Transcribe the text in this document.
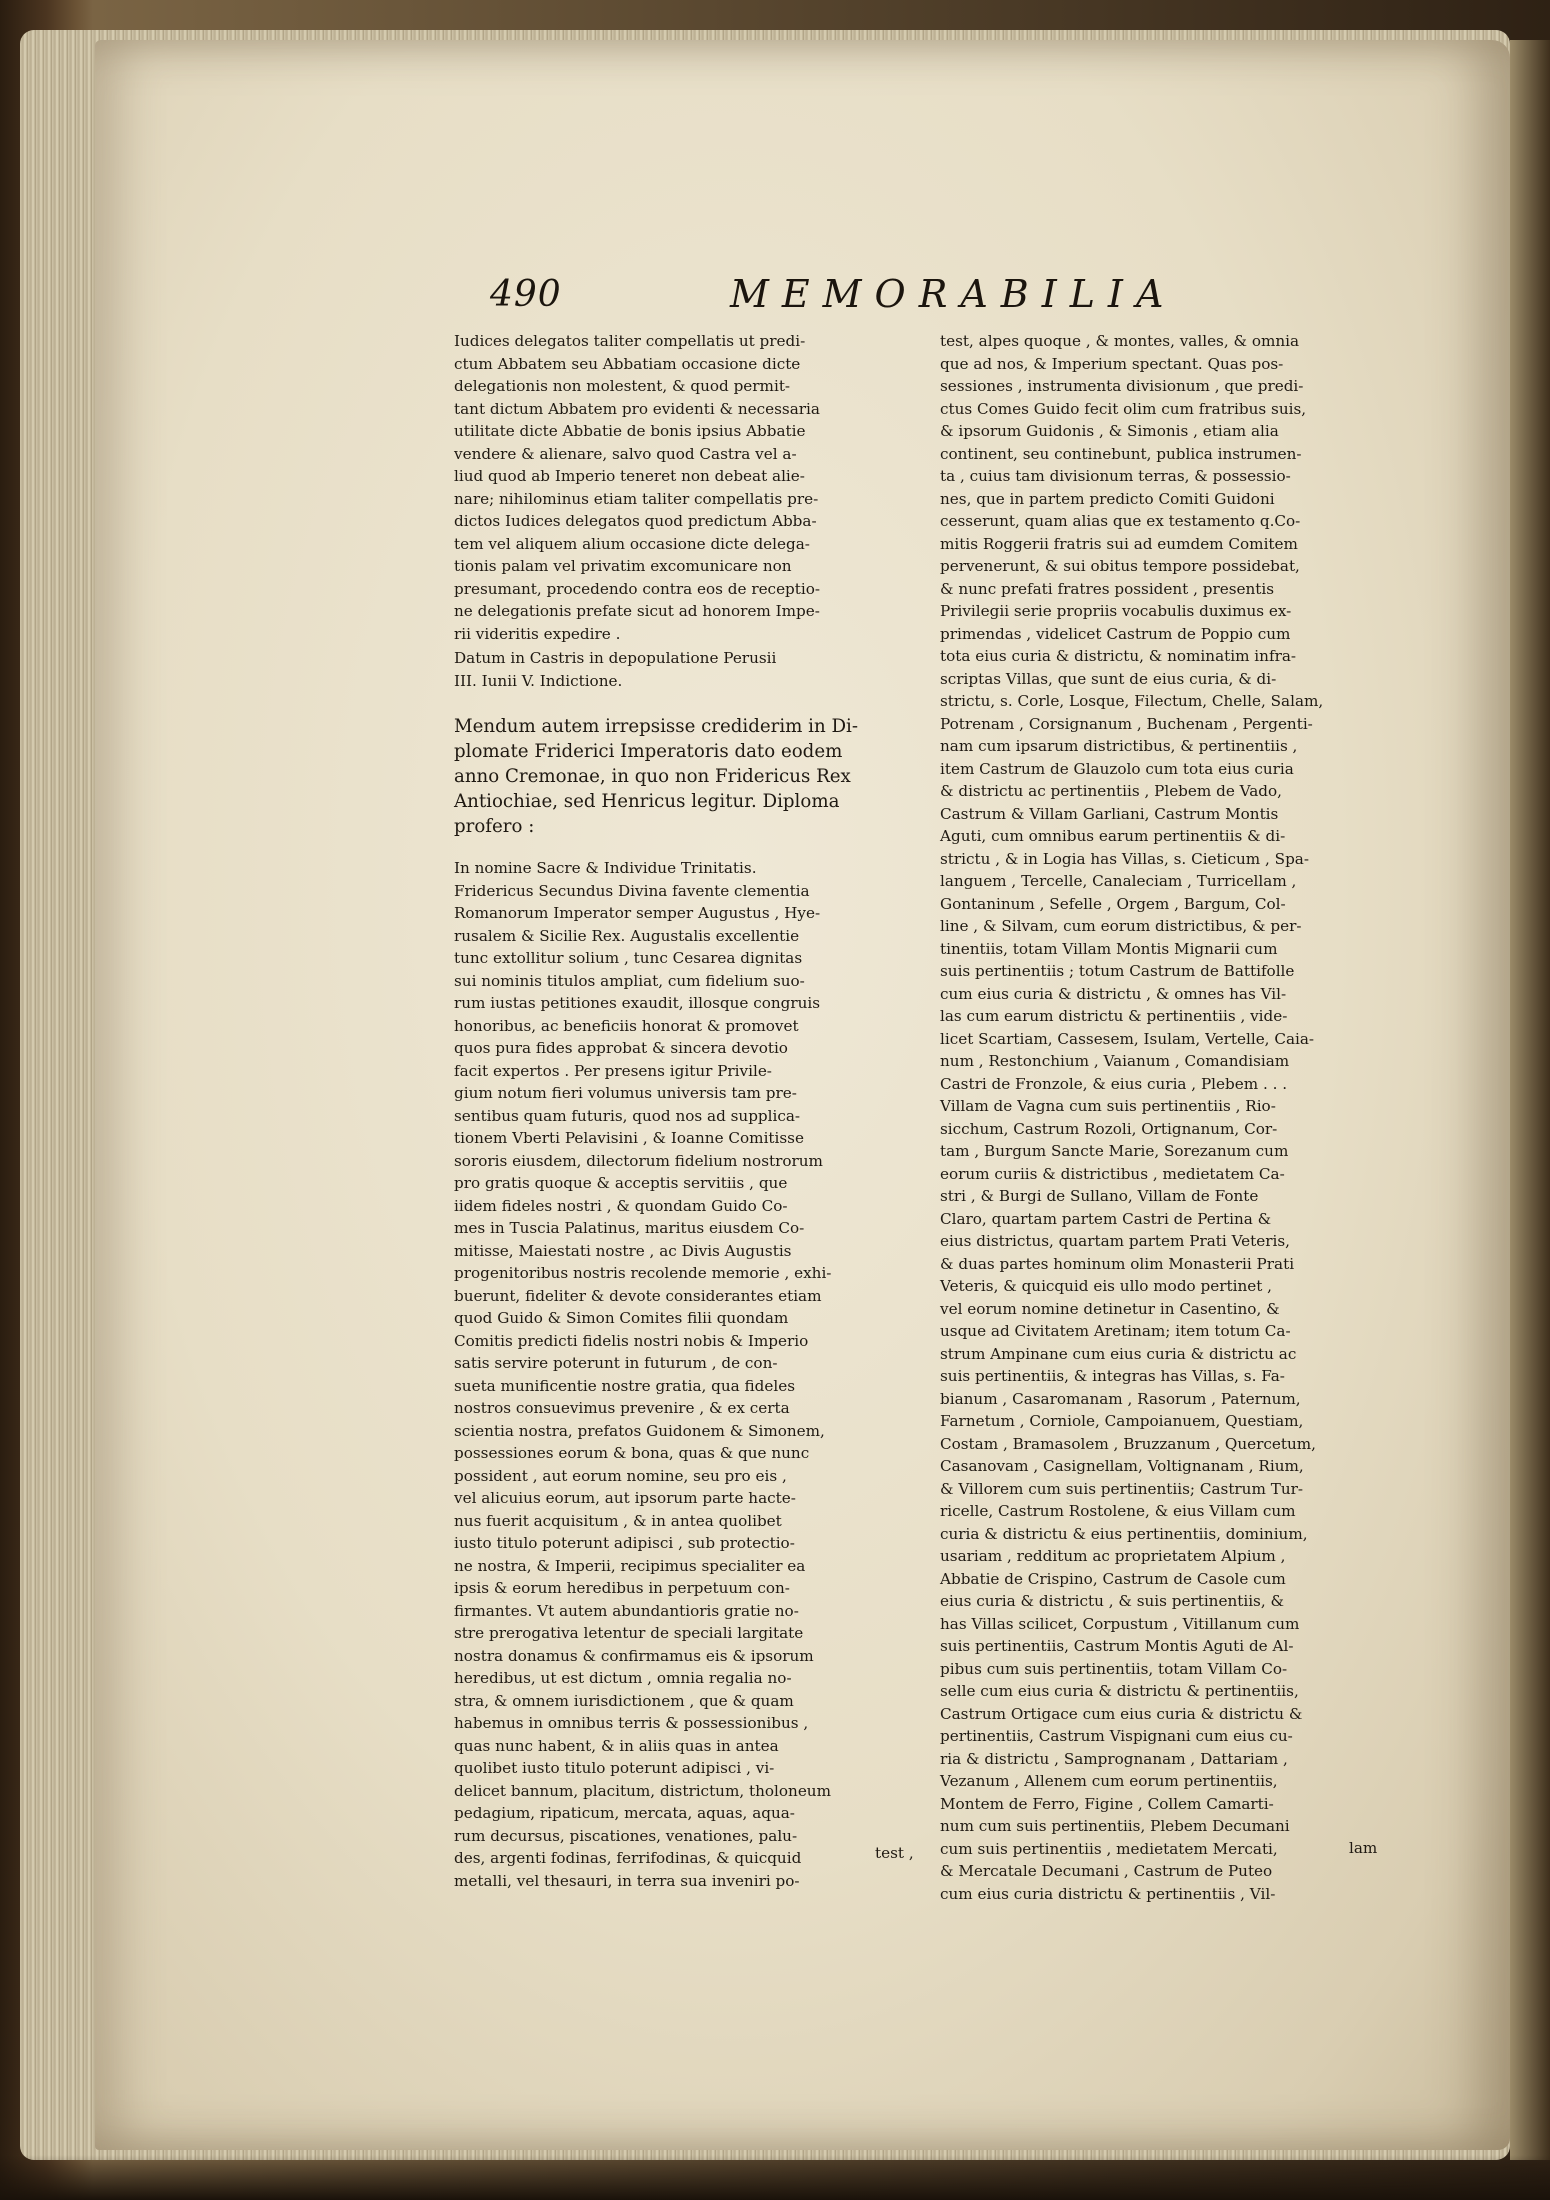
490	MEMORABILIA

Iudices delegatos taliter compellatis ut predi-
ctum Abbatem seu Abbatiam occasione dicte
delegationis non molestent, & quod permit-
tant dictum Abbatem pro evidenti & necessaria
utilitate dicte Abbatie de bonis ipsius Abbatie
vendere & alienare, salvo quod Castra vel a-
liud quod ab Imperio teneret non debeat alie-
nare; nihilominus etiam taliter compellatis pre-
dictos Iudices delegatos quod predictum Abba-
tem vel aliquem alium occasione dicte delega-
tionis palam vel privatim excomunicare non
presumant, procedendo contra eos de receptio-
ne delegationis prefate sicut ad honorem Impe-
rii videritis expedire .

Datum in Castris in depopulatione Perusii
III. Iunii V. Indictione.

Mendum autem irrepsisse crediderim in Di-
plomate Friderici Imperatoris dato eodem
anno Cremonae, in quo non Fridericus Rex
Antiochiae, sed Henricus legitur. Diploma
profero :

In nomine Sacre & Individue Trinitatis.
Fridericus Secundus Divina favente clementia
Romanorum Imperator semper Augustus , Hye-
rusalem & Sicilie Rex. Augustalis excellentie
tunc extollitur solium , tunc Cesarea dignitas
sui nominis titulos ampliat, cum fidelium suo-
rum iustas petitiones exaudit, illosque congruis
honoribus, ac beneficiis honorat & promovet
quos pura fides approbat & sincera devotio
facit expertos . Per presens igitur Privile-
gium notum fieri volumus universis tam pre-
sentibus quam futuris, quod nos ad supplica-
tionem Vberti Pelavisini , & Ioanne Comitisse
sororis eiusdem, dilectorum fidelium nostrorum
pro gratis quoque & acceptis servitiis , que
iidem fideles nostri , & quondam Guido Co-
mes in Tuscia Palatinus, maritus eiusdem Co-
mitisse, Maiestati nostre , ac Divis Augustis
progenitoribus nostris recolende memorie , exhi-
buerunt, fideliter & devote considerantes etiam
quod Guido & Simon Comites filii quondam
Comitis predicti fidelis nostri nobis & Imperio
satis servire poterunt in futurum , de con-
sueta munificentie nostre gratia, qua fideles
nostros consuevimus prevenire , & ex certa
scientia nostra, prefatos Guidonem & Simonem,
possessiones eorum & bona, quas & que nunc
possident , aut eorum nomine, seu pro eis ,
vel alicuius eorum, aut ipsorum parte hacte-
nus fuerit acquisitum , & in antea quolibet
iusto titulo poterunt adipisci , sub protectio-
ne nostra, & Imperii, recipimus specialiter ea
ipsis & eorum heredibus in perpetuum con-
firmantes. Vt autem abundantioris gratie no-
stre prerogativa letentur de speciali largitate
nostra donamus & confirmamus eis & ipsorum
heredibus, ut est dictum , omnia regalia no-
stra, & omnem iurisdictionem , que & quam
habemus in omnibus terris & possessionibus ,
quas nunc habent, & in aliis quas in antea
quolibet iusto titulo poterunt adipisci , vi-
delicet bannum, placitum, districtum, tholoneum
pedagium, ripaticum, mercata, aquas, aqua-
rum decursus, piscationes, venationes, palu-
des, argenti fodinas, ferrifodinas, & quicquid
metalli, vel thesauri, in terra sua inveniri po-

test ,

test, alpes quoque , & montes, valles, & omnia
que ad nos, & Imperium spectant. Quas pos-
sessiones , instrumenta divisionum , que predi-
ctus Comes Guido fecit olim cum fratribus suis,
& ipsorum Guidonis , & Simonis , etiam alia
continent, seu continebunt, publica instrumen-
ta , cuius tam divisionum terras, & possessio-
nes, que in partem predicto Comiti Guidoni
cesserunt, quam alias que ex testamento q.Co-
mitis Roggerii fratris sui ad eumdem Comitem
pervenerunt, & sui obitus tempore possidebat,
& nunc prefati fratres possident , presentis
Privilegii serie propriis vocabulis duximus ex-
primendas , videlicet Castrum de Poppio cum
tota eius curia & districtu, & nominatim infra-
scriptas Villas, que sunt de eius curia, & di-
strictu, s. Corle, Losque, Filectum, Chelle, Salam,
Potrenam , Corsignanum , Buchenam , Pergenti-
nam cum ipsarum districtibus, & pertinentiis ,
item Castrum de Glauzolo cum tota eius curia
& districtu ac pertinentiis , Plebem de Vado,
Castrum & Villam Garliani, Castrum Montis
Aguti, cum omnibus earum pertinentiis & di-
strictu , & in Logia has Villas, s. Cieticum , Spa-
languem , Tercelle, Canaleciam , Turricellam ,
Gontaninum , Sefelle , Orgem , Bargum, Col-
line , & Silvam, cum eorum districtibus, & per-
tinentiis, totam Villam Montis Mignarii cum
suis pertinentiis ; totum Castrum de Battifolle
cum eius curia & districtu , & omnes has Vil-
las cum earum districtu & pertinentiis , vide-
licet Scartiam, Cassesem, Isulam, Vertelle, Caia-
num , Restonchium , Vaianum , Comandisiam
Castri de Fronzole, & eius curia , Plebem . . .
Villam de Vagna cum suis pertinentiis , Rio-
sicchum, Castrum Rozoli, Ortignanum, Cor-
tam , Burgum Sancte Marie, Sorezanum cum
eorum curiis & districtibus , medietatem Ca-
stri , & Burgi de Sullano, Villam de Fonte
Claro, quartam partem Castri de Pertina &
eius districtus, quartam partem Prati Veteris,
& duas partes hominum olim Monasterii Prati
Veteris, & quicquid eis ullo modo pertinet ,
vel eorum nomine detinetur in Casentino, &
usque ad Civitatem Aretinam; item totum Ca-
strum Ampinane cum eius curia & districtu ac
suis pertinentiis, & integras has Villas, s. Fa-
bianum , Casaromanam , Rasorum , Paternum,
Farnetum , Corniole, Campoianuem, Questiam,
Costam , Bramasolem , Bruzzanum , Quercetum,
Casanovam , Casignellam, Voltignanam , Rium,
& Villorem cum suis pertinentiis; Castrum Tur-
ricelle, Castrum Rostolene, & eius Villam cum
curia & districtu & eius pertinentiis, dominium,
usariam , redditum ac proprietatem Alpium ,
Abbatie de Crispino, Castrum de Casole cum
eius curia & districtu , & suis pertinentiis, &
has Villas scilicet, Corpustum , Vitillanum cum
suis pertinentiis, Castrum Montis Aguti de Al-
pibus cum suis pertinentiis, totam Villam Co-
selle cum eius curia & districtu & pertinentiis,
Castrum Ortigace cum eius curia & districtu &
pertinentiis, Castrum Vispignani cum eius cu-
ria & districtu , Samprognanam , Dattariam ,
Vezanum , Allenem cum eorum pertinentiis,
Montem de Ferro, Figine , Collem Camarti-
num cum suis pertinentiis, Plebem Decumani
cum suis pertinentiis , medietatem Mercati,
& Mercatale Decumani , Castrum de Puteo
cum eius curia districtu & pertinentiis , Vil-

lam
